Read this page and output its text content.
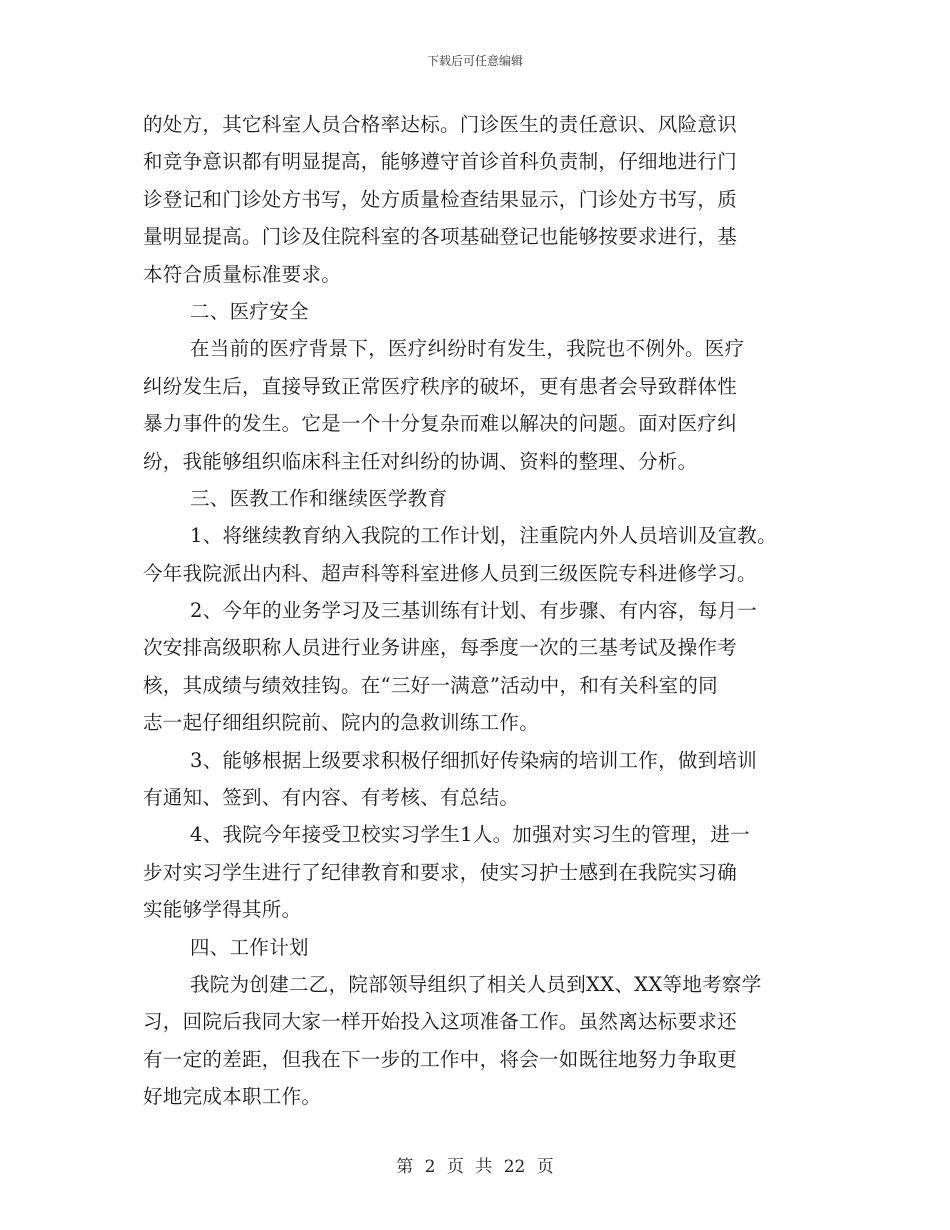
下载后可任意编辑
的处方，其它科室人员合格率达标。门诊医生的责任意识、风险意识
和竞争意识都有明显提高，能够遵守首诊首科负责制，仔细地进行门
诊登记和门诊处方书写，处方质量检查结果显示，门诊处方书写，质
量明显提高。门诊及住院科室的各项基础登记也能够按要求进行，基
本符合质量标准要求。
二、医疗安全
在当前的医疗背景下，医疗纠纷时有发生，我院也不例外。医疗
纠纷发生后，直接导致正常医疗秩序的破坏，更有患者会导致群体性
暴力事件的发生。它是一个十分复杂而难以解决的问题。面对医疗纠
纷，我能够组织临床科主任对纠纷的协调、资料的整理、分析。
三、医教工作和继续医学教育
1、将继续教育纳入我院的工作计划，注重院内外人员培训及宣教。
今年我院派出内科、超声科等科室进修人员到三级医院专科进修学习。
2、今年的业务学习及三基训练有计划、有步骤、有内容，每月一
次安排高级职称人员进行业务讲座，每季度一次的三基考试及操作考
核，其成绩与绩效挂钩。在“三好一满意”活动中，和有关科室的同
志一起仔细组织院前、院内的急救训练工作。
3、能够根据上级要求积极仔细抓好传染病的培训工作，做到培训
有通知、签到、有内容、有考核、有总结。
4、我院今年接受卫校实习学生1人。加强对实习生的管理，进一
步对实习学生进行了纪律教育和要求，使实习护士感到在我院实习确
实能够学得其所。
四、工作计划
我院为创建二乙，院部领导组织了相关人员到XX、XX等地考察学
习，回院后我同大家一样开始投入这项准备工作。虽然离达标要求还
有一定的差距，但我在下一步的工作中，将会一如既往地努力争取更
好地完成本职工作。
第 2 页 共 22 页
